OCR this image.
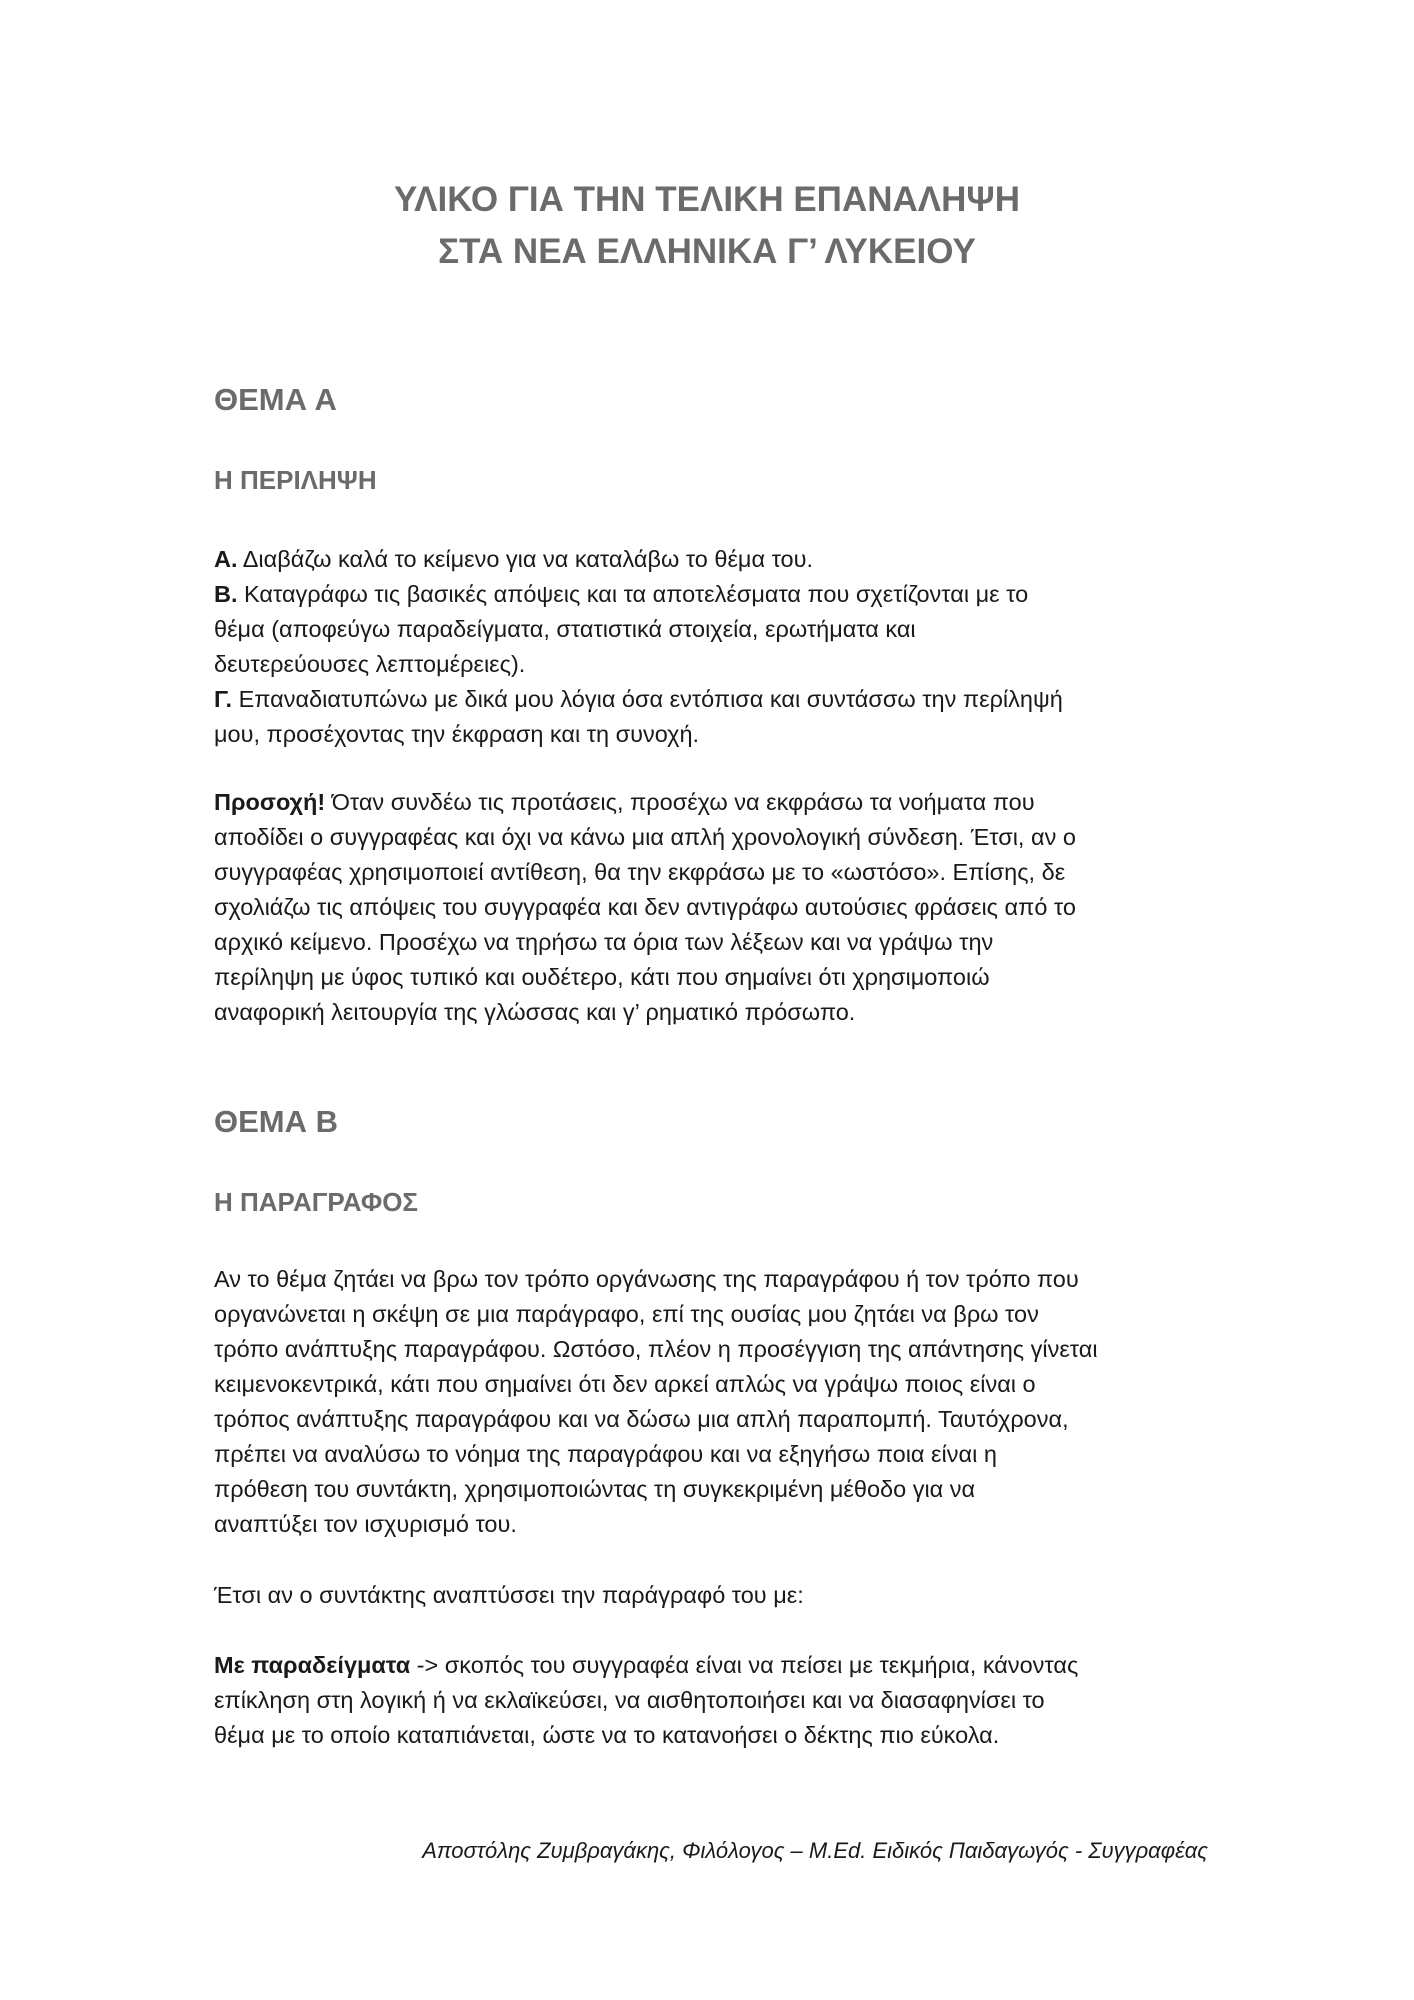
ΥΛΙΚΟ ΓΙΑ ΤΗΝ ΤΕΛΙΚΗ ΕΠΑΝΑΛΗΨΗ
ΣΤΑ ΝΕΑ ΕΛΛΗΝΙΚΑ Γ’ ΛΥΚΕΙΟΥ
ΘΕΜΑ Α
Η ΠΕΡΙΛΗΨΗ
Α. Διαβάζω καλά το κείμενο για να καταλάβω το θέμα του.
Β. Καταγράφω τις βασικές απόψεις και τα αποτελέσματα που σχετίζονται με το
θέμα (αποφεύγω παραδείγματα, στατιστικά στοιχεία, ερωτήματα και
δευτερεύουσες λεπτομέρειες).
Γ. Επαναδιατυπώνω με δικά μου λόγια όσα εντόπισα και συντάσσω την περίληψή
μου, προσέχοντας την έκφραση και τη συνοχή.
Προσοχή! Όταν συνδέω τις προτάσεις, προσέχω να εκφράσω τα νοήματα που
αποδίδει ο συγγραφέας και όχι να κάνω μια απλή χρονολογική σύνδεση. Έτσι, αν ο
συγγραφέας χρησιμοποιεί αντίθεση, θα την εκφράσω με το «ωστόσο». Επίσης, δε
σχολιάζω τις απόψεις του συγγραφέα και δεν αντιγράφω αυτούσιες φράσεις από το
αρχικό κείμενο. Προσέχω να τηρήσω τα όρια των λέξεων και να γράψω την
περίληψη με ύφος τυπικό και ουδέτερο, κάτι που σημαίνει ότι χρησιμοποιώ
αναφορική λειτουργία της γλώσσας και γ’ ρηματικό πρόσωπο.
ΘΕΜΑ Β
Η ΠΑΡΑΓΡΑΦΟΣ
Αν το θέμα ζητάει να βρω τον τρόπο οργάνωσης της παραγράφου ή τον τρόπο που
οργανώνεται η σκέψη σε μια παράγραφο, επί της ουσίας μου ζητάει να βρω τον
τρόπο ανάπτυξης παραγράφου. Ωστόσο, πλέον η προσέγγιση της απάντησης γίνεται
κειμενοκεντρικά, κάτι που σημαίνει ότι δεν αρκεί απλώς να γράψω ποιος είναι ο
τρόπος ανάπτυξης παραγράφου και να δώσω μια απλή παραπομπή. Ταυτόχρονα,
πρέπει να αναλύσω το νόημα της παραγράφου και να εξηγήσω ποια είναι η
πρόθεση του συντάκτη, χρησιμοποιώντας τη συγκεκριμένη μέθοδο για να
αναπτύξει τον ισχυρισμό του.
Έτσι αν ο συντάκτης αναπτύσσει την παράγραφό του με:
Με παραδείγματα -> σκοπός του συγγραφέα είναι να πείσει με τεκμήρια, κάνοντας
επίκληση στη λογική ή να εκλαϊκεύσει, να αισθητοποιήσει και να διασαφηνίσει το
θέμα με το οποίο καταπιάνεται, ώστε να το κατανοήσει ο δέκτης πιο εύκολα.
Αποστόλης Ζυμβραγάκης, Φιλόλογος – Μ.Ed. Ειδικός Παιδαγωγός - Συγγραφέας
